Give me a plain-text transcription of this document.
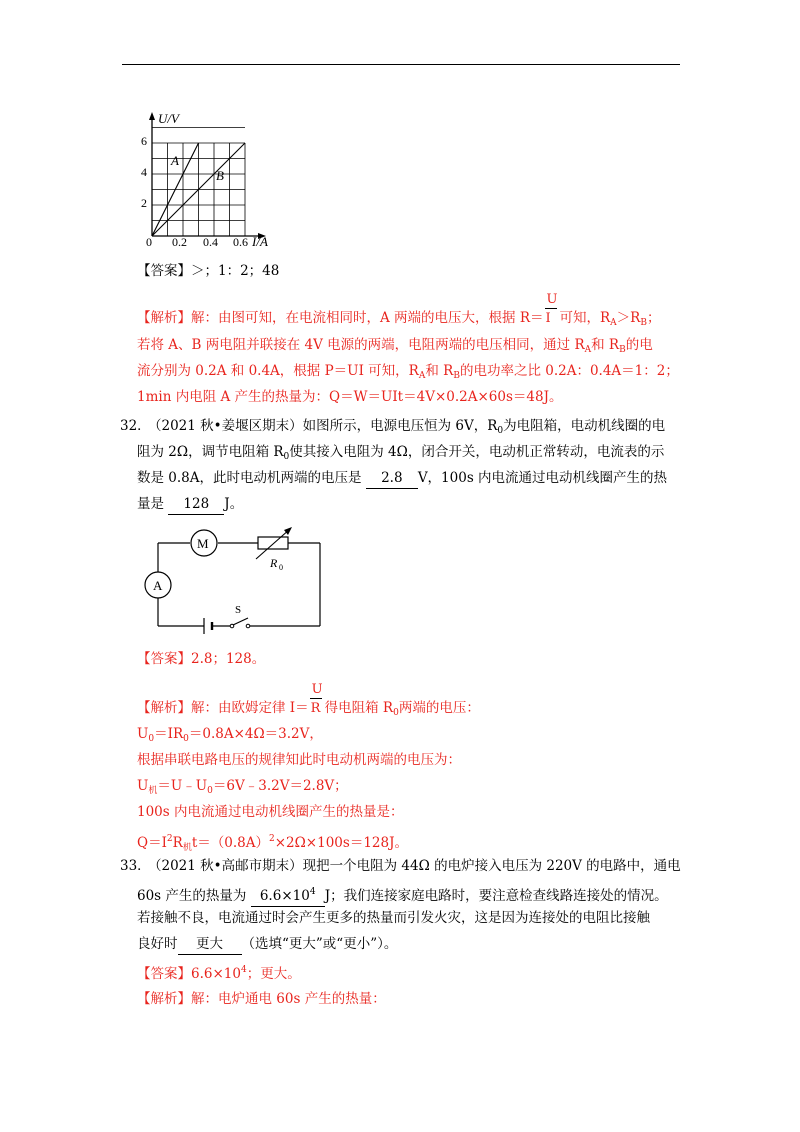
U/V
I/A
6
4
2
0 0.2 0.4 0.6
A
B
【答案】＞；1：2；48
【解析】解：由图可知，在电流相同时，A 两端的电压大，根据 $R= \frac{U}{I}$ 可知，$R_A>R_B$；
若将 A、B 两电阻并联接在 4V 电源的两端，电阻两端的电压相同，通过 $R_A$和 $R_B$的电
流分别为 0.2A 和 0.4A，根据 P＝UI 可知，$R_A$和 $R_B$的电功率之比 0.2A：0.4A＝1：2；
1min 内电阻 A 产生的热量为：Q＝W＝UIt＝4V×0.2A×60s＝48J。
32．
（2021 秋•姜堰区期末）如图所示，电源电压恒为 6V，$R_0$为电阻箱，电动机线圈的电
阻为 2Ω，调节电阻箱 $R_0$使其接入电阻为 4Ω，闭合开关，电动机正常转动，电流表的示
数是 0.8A，此时电动机两端的电压是 2.8 V，100s 内电流通过电动机线圈产生的热
量是 128 J。
M
R 0
A
S
【答案】2.8；128。
【解析】解：由欧姆定律 $I= \frac{U}{R}$ 得电阻箱 $R_0$两端的电压：
$U_0=IR_0=0.8A\times 4\Omega=3.2V$，
根据串联电路电压的规律知此时电动机两端的电压为：
$U_机=U﹣U_0=6V﹣3.2V=2.8V$；
100s 内电流通过电动机线圈产生的热量是：
$Q=I^2R_机t=(0.8A)^2\times 2\Omega\times 100s=128J$。
33．
（2021 秋•高邮市期末）现把一个电阻为 44Ω 的电炉接入电压为 220V 的电路中，通电
60s 产生的热量为 $6.6\times 10^4$ J；我们连接家庭电路时，要注意检查线路连接处的情况。
若接触不良，电流通过时会产生更多的热量而引发火灾，这是因为连接处的电阻比接触
良好时 更大 （选填“更大”或“更小”）。
【答案】$6.6\times 10^4$；更大。
【解析】解：电炉通电 60s 产生的热量：
